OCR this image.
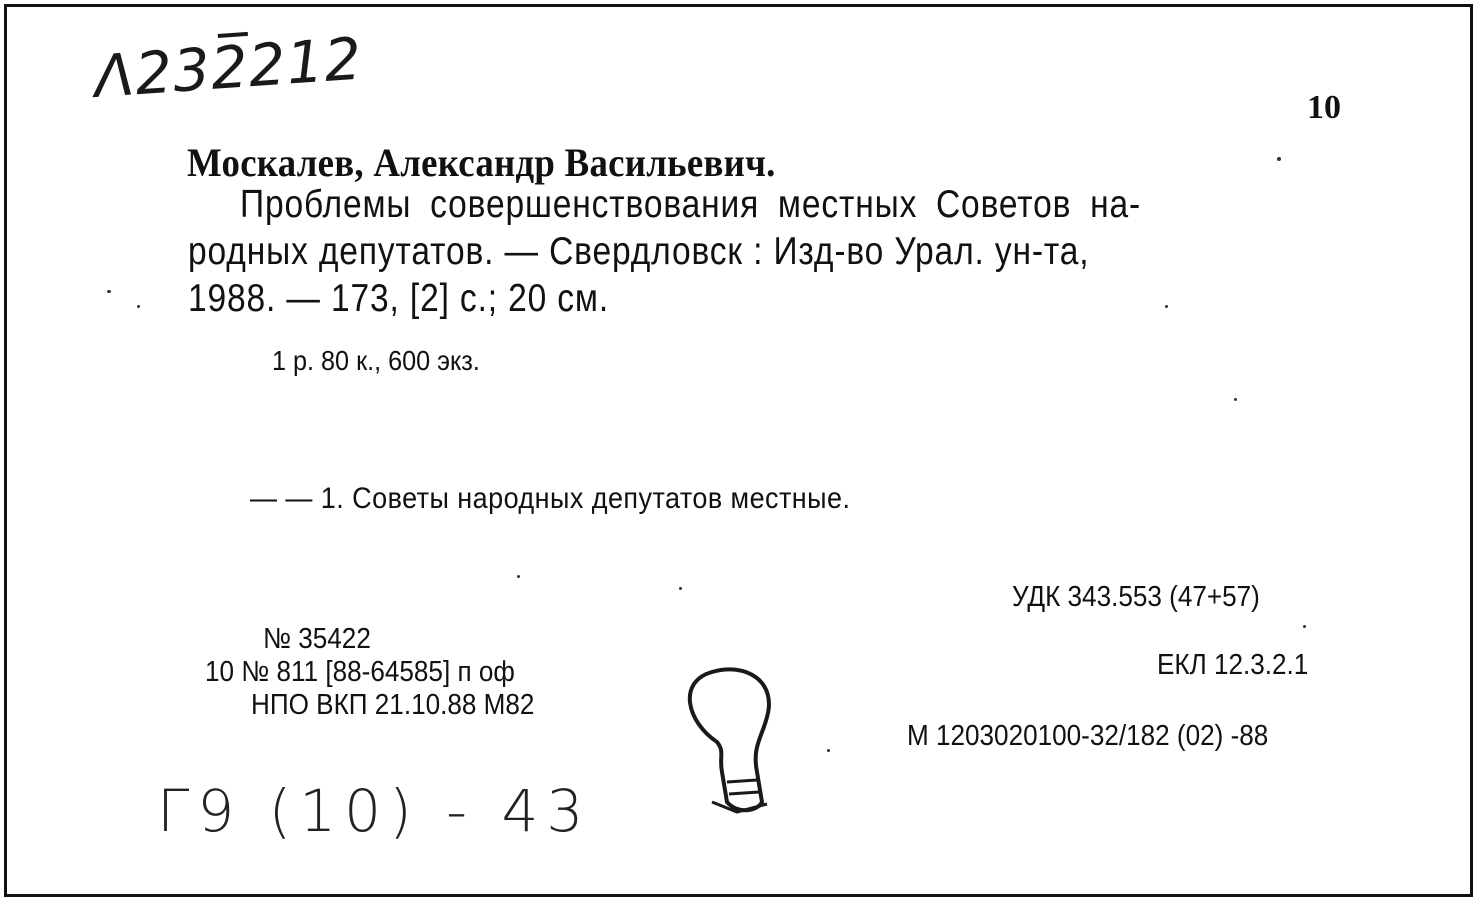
Λ232̅212	10
Москалев, Александр Васильевич.
Проблемы совершенствования местных Советов на-
родных депутатов. — Свердловск : Изд-во Урал. ун-та,
1988. — 173, [2] с.; 20 см.
1 р. 80 к., 600 экз.
— — 1. Советы народных депутатов местные.
УДК 343.553 (47+57)
ЕКЛ 12.3.2.1
М 1203020100-32/182 (02) -88
№ 35422
10 № 811 [88-64585] п оф
НПО ВКП 21.10.88 М82
Г9 (10) - 43
